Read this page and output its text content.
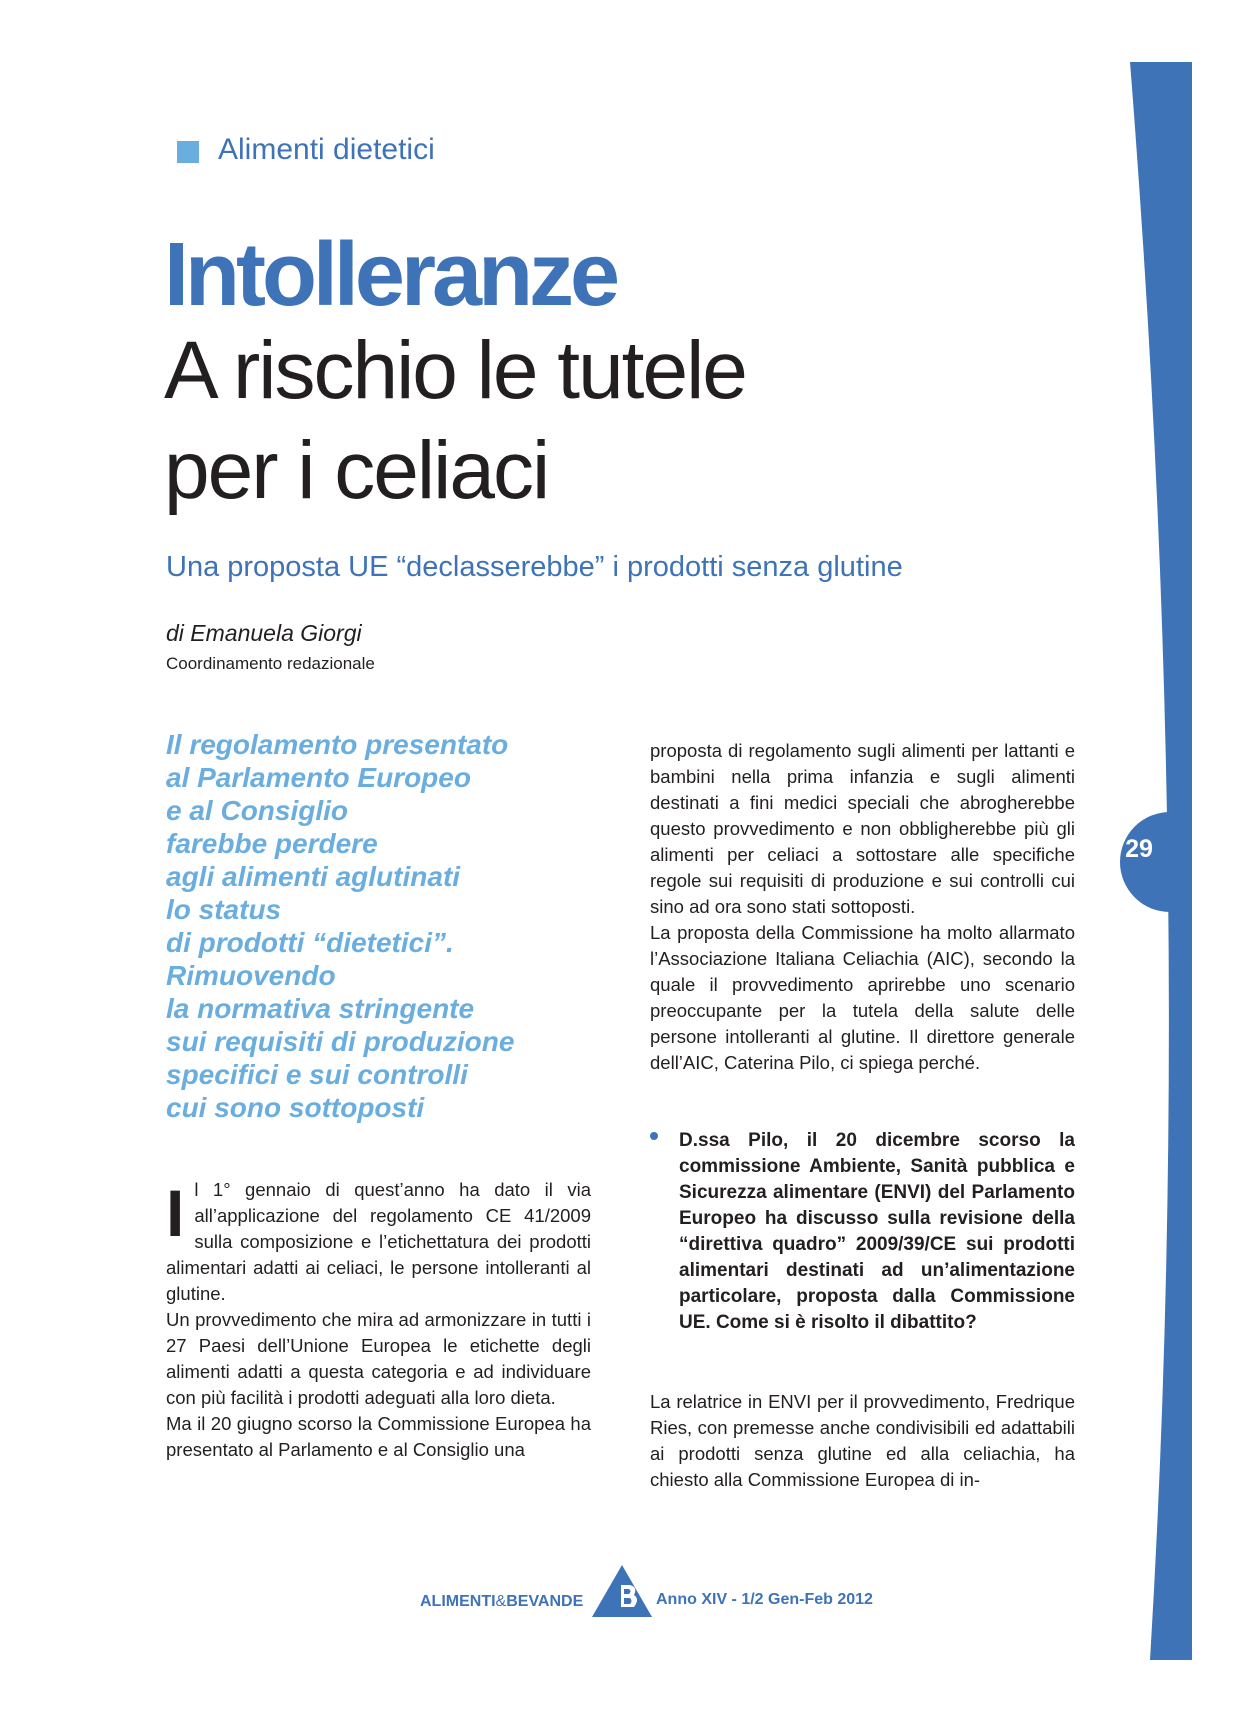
Alimenti dietetici
Intolleranze
A rischio le tutele
per i celiaci
Una proposta UE “declasserebbe” i prodotti senza glutine
di Emanuela Giorgi
Coordinamento redazionale
Il regolamento presentato
al Parlamento Europeo
e al Consiglio
farebbe perdere
agli alimenti aglutinati
lo status
di prodotti “dietetici”.
Rimuovendo
la normativa stringente
sui requisiti di produzione
specifici e sui controlli
cui sono sottoposti

Il 1° gennaio di quest’anno ha dato il via all’applicazione del regolamento CE 41/2009 sulla composizione e l’etichettatura dei prodotti alimentari adatti ai celiaci, le persone intolleranti al glutine.

Un provvedimento che mira ad armonizzare in tutti i 27 Paesi dell’Unione Europea le etichette degli alimenti adatti a questa categoria e ad individuare con più facilità i prodotti adeguati alla loro dieta.

Ma il 20 giugno scorso la Commissione Europea ha presentato al Parlamento e al Consiglio una

proposta di regolamento sugli alimenti per lattanti e bambini nella prima infanzia e sugli alimenti destinati a fini medici speciali che abrogherebbe questo provvedimento e non obbligherebbe più gli alimenti per celiaci a sottostare alle specifiche regole sui requisiti di produzione e sui controlli cui sino ad ora sono stati sottoposti.

La proposta della Commissione ha molto allarmato l’Associazione Italiana Celiachia (AIC), secondo la quale il provvedimento aprirebbe uno scenario preoccupante per la tutela della salute delle persone intolleranti al glutine. Il direttore generale dell’AIC, Caterina Pilo, ci spiega perché.

D.ssa Pilo, il 20 dicembre scorso la commissione Ambiente, Sanità pubblica e Sicurezza alimentare (ENVI) del Parlamento Europeo ha discusso sulla revisione della “direttiva quadro” 2009/39/CE sui prodotti alimentari destinati ad un’alimentazione particolare, proposta dalla Commissione UE. Come si è risolto il dibattito?

La relatrice in ENVI per il provvedimento, Fredrique Ries, con premesse anche condivisibili ed adattabili ai prodotti senza glutine ed alla celiachia, ha chiesto alla Commissione Europea di in-

ALIMENTI&BEVANDE	Anno XIV - 1/2 Gen-Feb 2012
29
